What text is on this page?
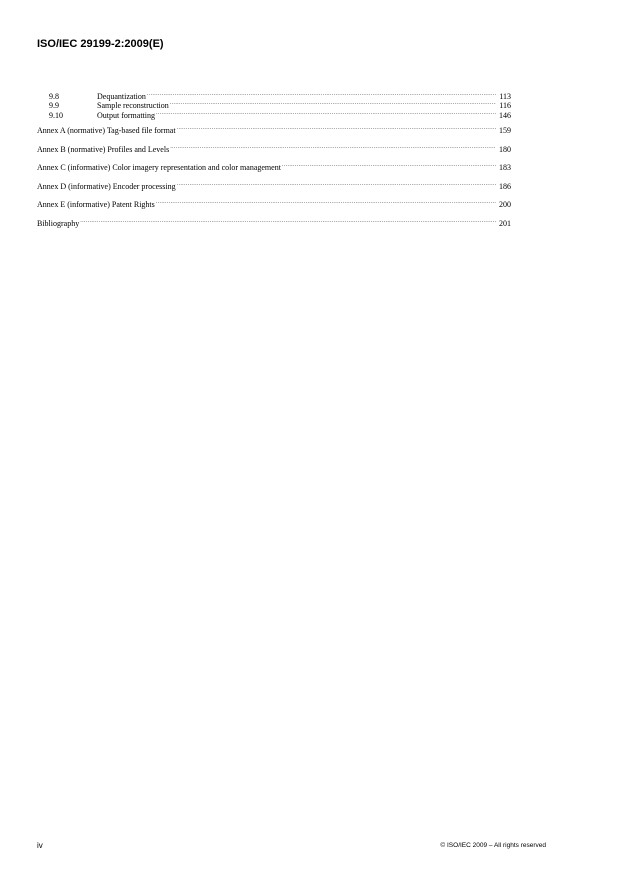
ISO/IEC 29199-2:2009(E)
9.8	Dequantization .....	113
9.9	Sample reconstruction .....	116
9.10	Output formatting .....	146
Annex A (normative) Tag-based file format .....	159
Annex B (normative) Profiles and Levels .....	180
Annex C (informative) Color imagery representation and color management .....	183
Annex D (informative) Encoder processing .....	186
Annex E (informative) Patent Rights .....	200
Bibliography .....	201
iv	© ISO/IEC 2009 – All rights reserved
